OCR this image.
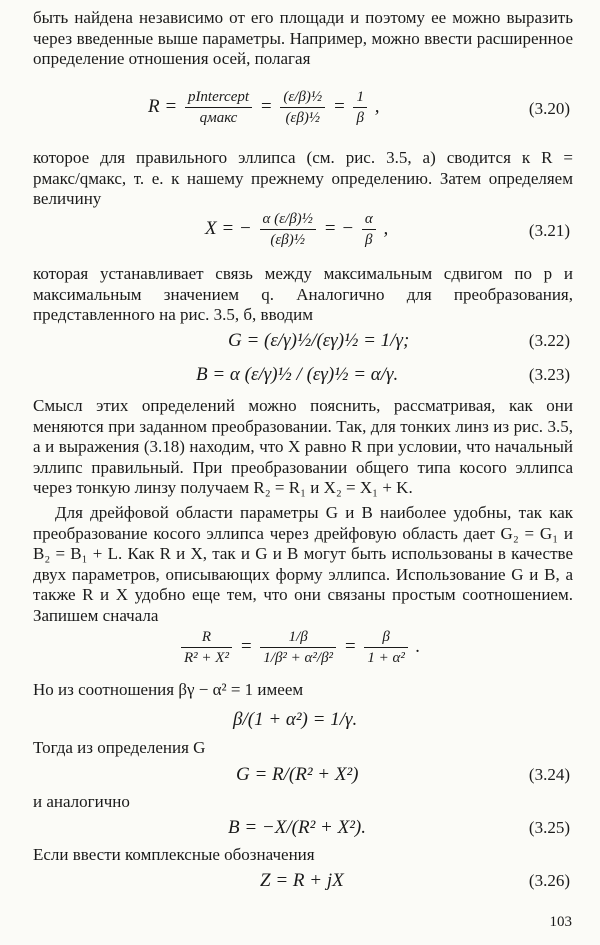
быть найдена независимо от его площади и поэтому ее можно выразить через введенные выше параметры. Например, можно ввести расширенное определение отношения осей, полагая
$R = \frac{\text{pIntercept}}{\text{qмакс}} = \frac{\text{(ε/β)½}}{\text{(εβ)½}} = \frac{1}{\beta}$ ,	(3.20)
которое для правильного эллипса (см. рис. 3.5, а) сводится к R = pмакс/qмакс, т. е. к нашему прежнему определению. Затем определяем величину
X = − $\frac{\text{α (ε/β)½}}{\text{(εβ)½}}$ = − $\frac{\alpha}{\beta}$ ,	(3.21)
которая устанавливает связь между максимальным сдвигом по p и максимальным значением q. Аналогично для преобразования, представленного на рис. 3.5, б, вводим
G = (ε/γ)½/(εγ)½ = 1/γ;	(3.22)
B = α (ε/γ)½ / (εγ)½ = α/γ.	(3.23)
Смысл этих определений можно пояснить, рассматривая, как они меняются при заданном преобразовании. Так, для тонких линз из рис. 3.5, а и выражения (3.18) находим, что X равно R при условии, что начальный эллипс правильный. При преобразовании общего типа косого эллипса через тонкую линзу получаем R₂ = R₁ и X₂ = X₁ + K.
Для дрейфовой области параметры G и B наиболее удобны, так как преобразование косого эллипса через дрейфовую область дает G₂ = G₁ и B₂ = B₁ + L. Как R и X, так и G и B могут быть использованы в качестве двух параметров, описывающих форму эллипса. Использование G и B, а также R и X удобно еще тем, что они связаны простым соотношением. Запишем сначала
$\frac{R}{\text{R² + X²}} = \frac{1/\beta}{\text{1/β² + α²/β²}} = \frac{\beta}{\text{1 + α²}}$ .
Но из соотношения βγ − α² = 1 имеем
β/(1 + α²) = 1/γ.
Тогда из определения G
G = R/(R² + X²)	(3.24)
и аналогично
B = −X/(R² + X²).	(3.25)
Если ввести комплексные обозначения
Z = R + jX	(3.26)
103
